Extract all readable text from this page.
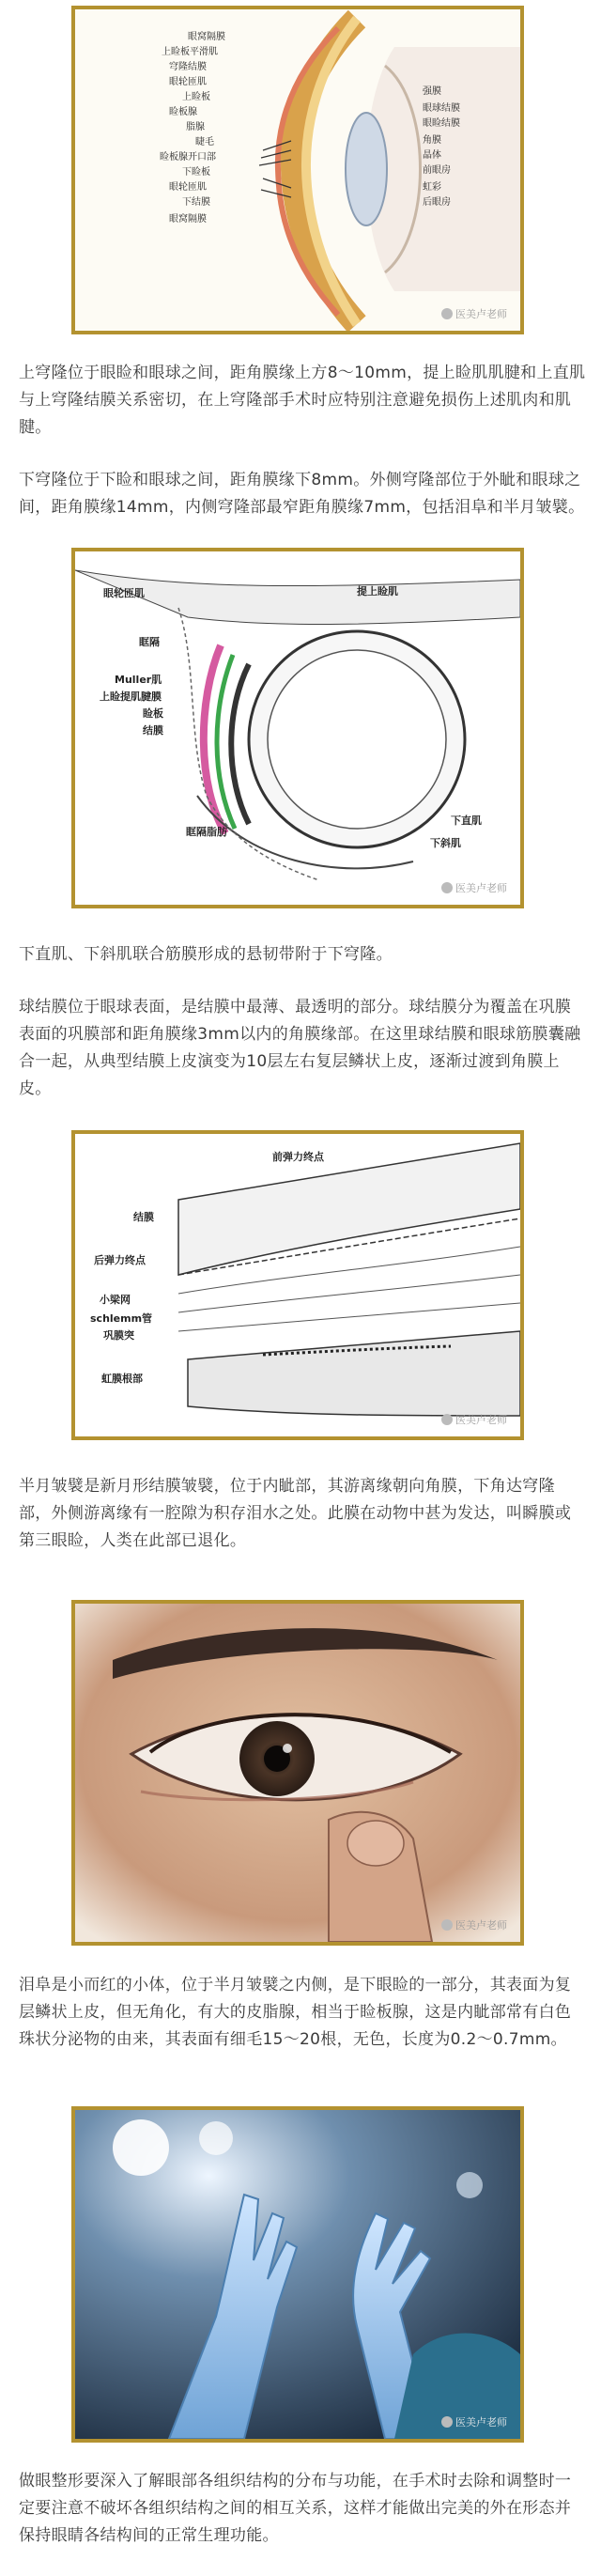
眼窝隔膜
上睑板平滑肌
穹隆结膜
眼轮匝肌
上睑板
睑板腺
脂腺
睫毛
睑板腺开口部
下睑板
眼轮匝肌
下结膜
眼窝隔膜
强膜
眼球结膜
眼睑结膜
角膜
晶体
前眼房
虹彩
后眼房
医美卢老师

上穹隆位于眼睑和眼球之间，距角膜缘上方8～10mm，提上睑肌肌腱和上直肌与上穹隆结膜关系密切，在上穹隆部手术时应特别注意避免损伤上述肌肉和肌腱。

下穹隆位于下睑和眼球之间，距角膜缘下8mm。外侧穹隆部位于外眦和眼球之间，距角膜缘14mm，内侧穹隆部最窄距角膜缘7mm，包括泪阜和半月皱襞。

眼轮匝肌	提上睑肌
眶隔
Muller肌
上睑提肌腱膜
睑板
结膜
下直肌
下斜肌
眶隔脂肪
医美卢老师

下直肌、下斜肌联合筋膜形成的悬韧带附于下穹隆。

球结膜位于眼球表面，是结膜中最薄、最透明的部分。球结膜分为覆盖在巩膜表面的巩膜部和距角膜缘3mm以内的角膜缘部。在这里球结膜和眼球筋膜囊融合一起，从典型结膜上皮演变为10层左右复层鳞状上皮，逐渐过渡到角膜上皮。

前弹力终点
结膜
后弹力终点
小梁网
schlemm管
巩膜突
虹膜根部
医美卢老师

半月皱襞是新月形结膜皱襞，位于内眦部，其游离缘朝向角膜，下角达穹隆部，外侧游离缘有一腔隙为积存泪水之处。此膜在动物中甚为发达，叫瞬膜或第三眼睑，人类在此部已退化。

医美卢老师

泪阜是小而红的小体，位于半月皱襞之内侧，是下眼睑的一部分，其表面为复层鳞状上皮，但无角化，有大的皮脂腺，相当于睑板腺，这是内眦部常有白色珠状分泌物的由来，其表面有细毛15～20根，无色，长度为0.2～0.7mm。

医美卢老师

做眼整形要深入了解眼部各组织结构的分布与功能，在手术时去除和调整时一定要注意不破坏各组织结构之间的相互关系，这样才能做出完美的外在形态并保持眼睛各结构间的正常生理功能。
